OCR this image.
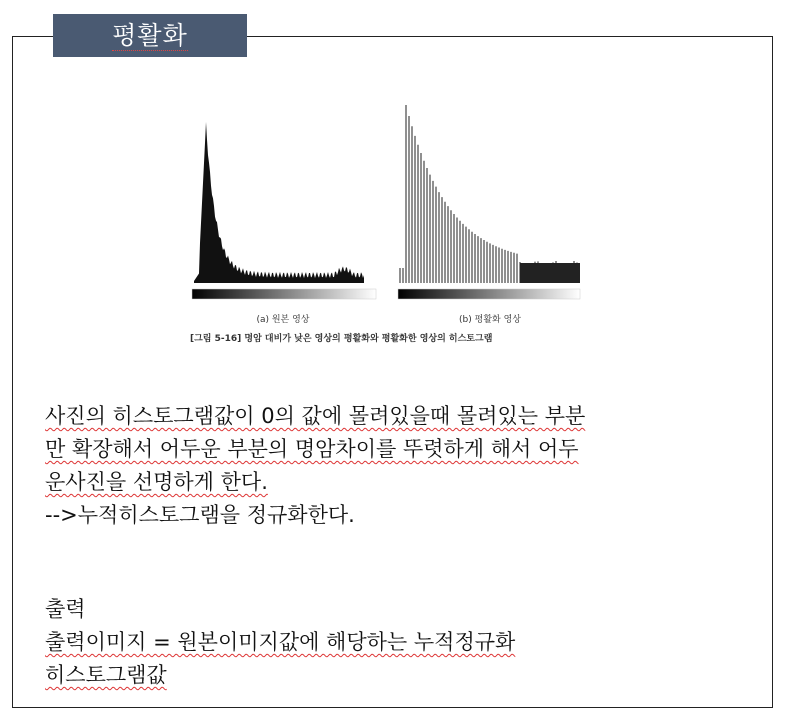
평활화
(a) 원본 영상	(b) 평활화 영상
[그림 5-16] 명암 대비가 낮은 영상의 평활화와 평활화한 영상의 히스토그램
사진의 히스토그램값이 0의 값에 몰려있을때 몰려있는 부분
만 확장해서 어두운 부분의 명암차이를 뚜렷하게 해서 어두
운사진을 선명하게 한다.
-->누적히스토그램을 정규화한다.
출력
출력이미지 = 원본이미지값에 해당하는 누적정규화
히스토그램값
